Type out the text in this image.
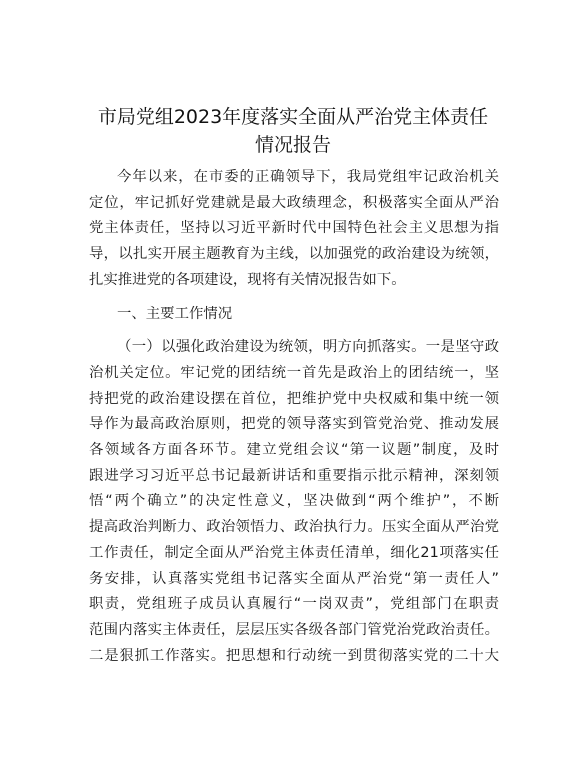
市局党组2023年度落实全面从严治党主体责任
情况报告
今年以来，在市委的正确领导下，我局党组牢记政治机关
定位，牢记抓好党建就是最大政绩理念，积极落实全面从严治
党主体责任，坚持以习近平新时代中国特色社会主义思想为指
导，以扎实开展主题教育为主线，以加强党的政治建设为统领，
扎实推进党的各项建设，现将有关情况报告如下。
一、主要工作情况
（一）以强化政治建设为统领，明方向抓落实。一是坚守政
治机关定位。牢记党的团结统一首先是政治上的团结统一，坚
持把党的政治建设摆在首位，把维护党中央权威和集中统一领
导作为最高政治原则，把党的领导落实到管党治党、推动发展
各领域各方面各环节。建立党组会议“第一议题”制度，及时
跟进学习习近平总书记最新讲话和重要指示批示精神，深刻领
悟“两个确立”的决定性意义，坚决做到“两个维护”，不断
提高政治判断力、政治领悟力、政治执行力。压实全面从严治党
工作责任，制定全面从严治党主体责任清单，细化21项落实任
务安排，认真落实党组书记落实全面从严治党“第一责任人”
职责，党组班子成员认真履行“一岗双责”，党组部门在职责
范围内落实主体责任，层层压实各级各部门管党治党政治责任。
二是狠抓工作落实。把思想和行动统一到贯彻落实党的二十大
